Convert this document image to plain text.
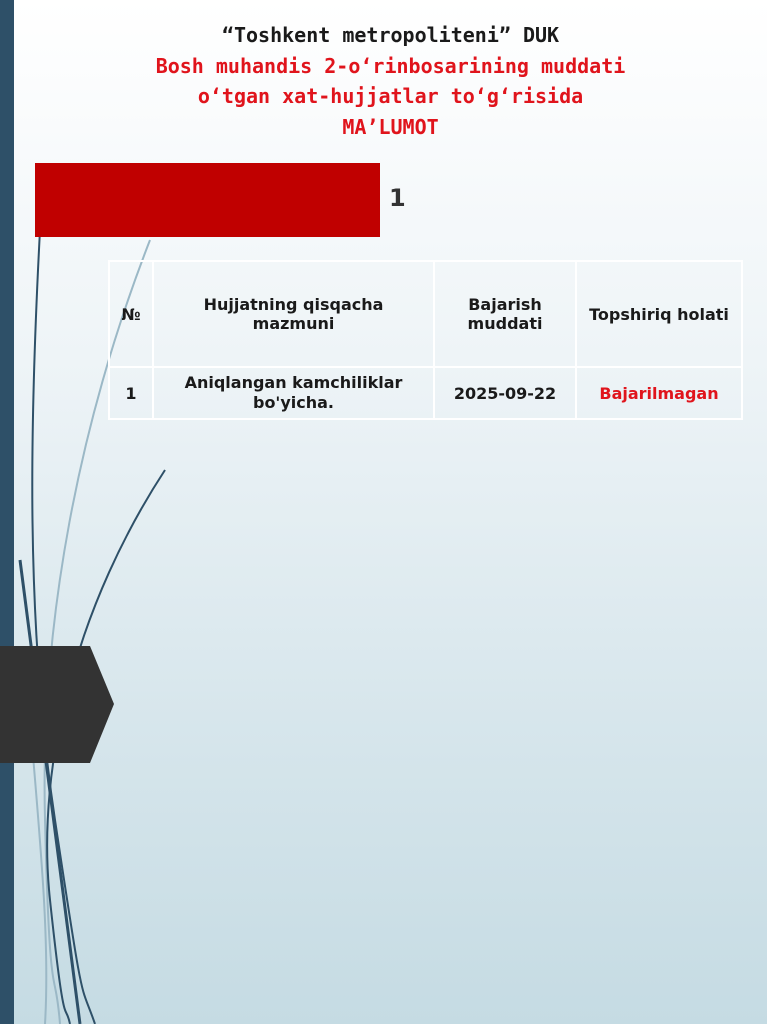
“Toshkent metropoliteni” DUK
Bosh muhandis 2-o‘rinbosarining muddati
o‘tgan xat-hujjatlar to‘g‘risida
MA’LUMOT
1
№	Hujjatning qisqacha mazmuni	Bajarish muddati	Topshiriq holati
1	Aniqlangan kamchiliklar bo'yicha.	2025-09-22	Bajarilmagan
